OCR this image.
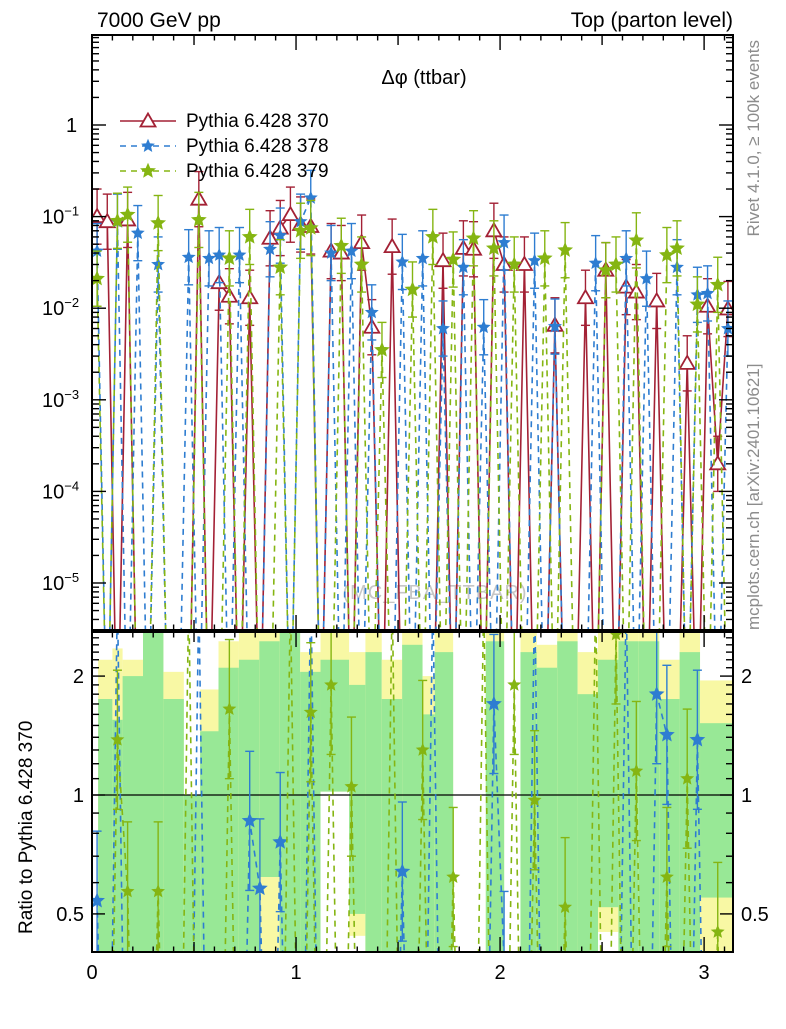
7000 GeV pp	Top (parton level)
Δφ (ttbar)
(MC_FBA_TTBAR)
Rivet 4.1.0, ≥ 100k events
mcplots.cern.ch [arXiv:2401.10621]
Ratio to Pythia 6.428 370
1
$10^{-1}$
$10^{-2}$
$10^{-3}$
$10^{-4}$
$10^{-5}$
0.5	0.5
1	1
2	2
0	1	2	3
Pythia 6.428 370
Pythia 6.428 378
Pythia 6.428 379
